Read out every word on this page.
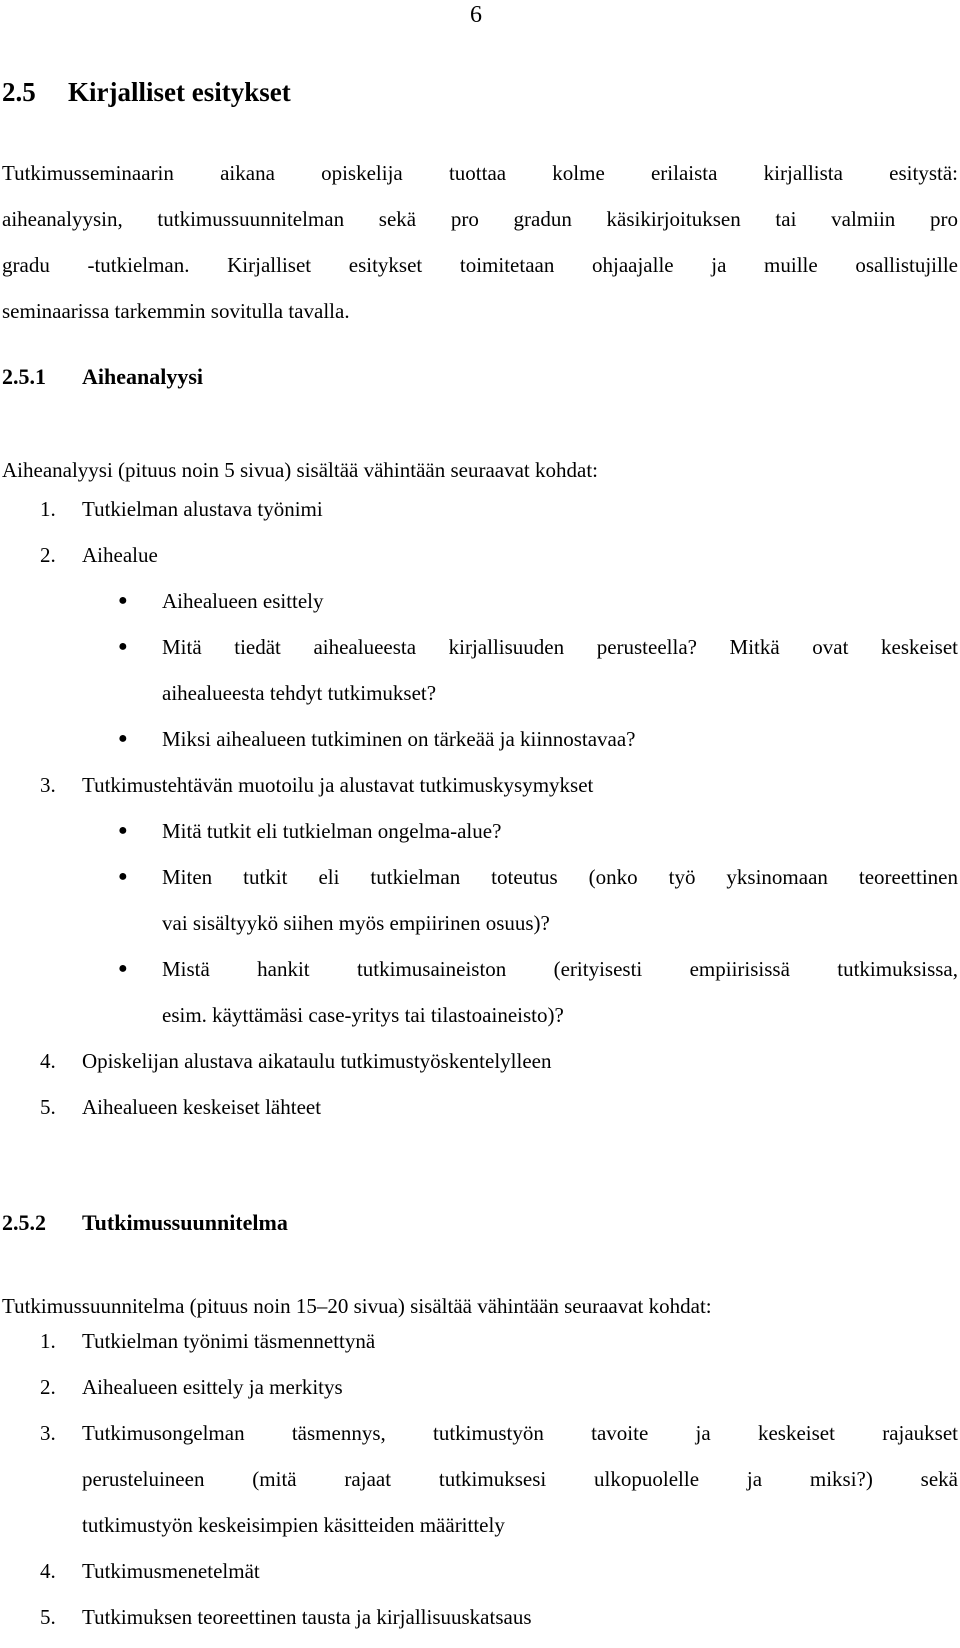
6
2.5 Kirjalliset esitykset
Tutkimusseminaarin aikana opiskelija tuottaa kolme erilaista kirjallista esitystä:
aiheanalyysin, tutkimussuunnitelman sekä pro gradun käsikirjoituksen tai valmiin pro
gradu -tutkielman. Kirjalliset esitykset toimitetaan ohjaajalle ja muille osallistujille
seminaarissa tarkemmin sovitulla tavalla.
2.5.1 Aiheanalyysi
Aiheanalyysi (pituus noin 5 sivua) sisältää vähintään seuraavat kohdat:
1. Tutkielman alustava työnimi
2. Aihealue
● Aihealueen esittely
● Mitä tiedät aihealueesta kirjallisuuden perusteella? Mitkä ovat keskeiset
aihealueesta tehdyt tutkimukset?
● Miksi aihealueen tutkiminen on tärkeää ja kiinnostavaa?
3. Tutkimustehtävän muotoilu ja alustavat tutkimuskysymykset
● Mitä tutkit eli tutkielman ongelma-alue?
● Miten tutkit eli tutkielman toteutus (onko työ yksinomaan teoreettinen
vai sisältyykö siihen myös empiirinen osuus)?
● Mistä hankit tutkimusaineiston (erityisesti empiirisissä tutkimuksissa,
esim. käyttämäsi case-yritys tai tilastoaineisto)?
4. Opiskelijan alustava aikataulu tutkimustyöskentelylleen
5. Aihealueen keskeiset lähteet
2.5.2 Tutkimussuunnitelma
Tutkimussuunnitelma (pituus noin 15–20 sivua) sisältää vähintään seuraavat kohdat:
1. Tutkielman työnimi täsmennettynä
2. Aihealueen esittely ja merkitys
3. Tutkimusongelman täsmennys, tutkimustyön tavoite ja keskeiset rajaukset
perusteluineen (mitä rajaat tutkimuksesi ulkopuolelle ja miksi?) sekä
tutkimustyön keskeisimpien käsitteiden määrittely
4. Tutkimusmenetelmät
5. Tutkimuksen teoreettinen tausta ja kirjallisuuskatsaus
